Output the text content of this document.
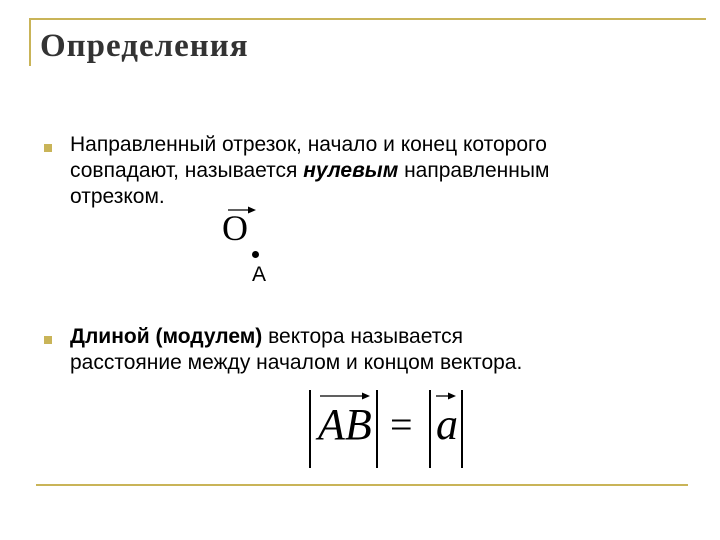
Определения
Направленный отрезок, начало и конец которого
совпадают, называется нулевым направленным
отрезком.
O
A
Длиной (модулем) вектора называется
расстояние между началом и концом вектора.
AB = a
